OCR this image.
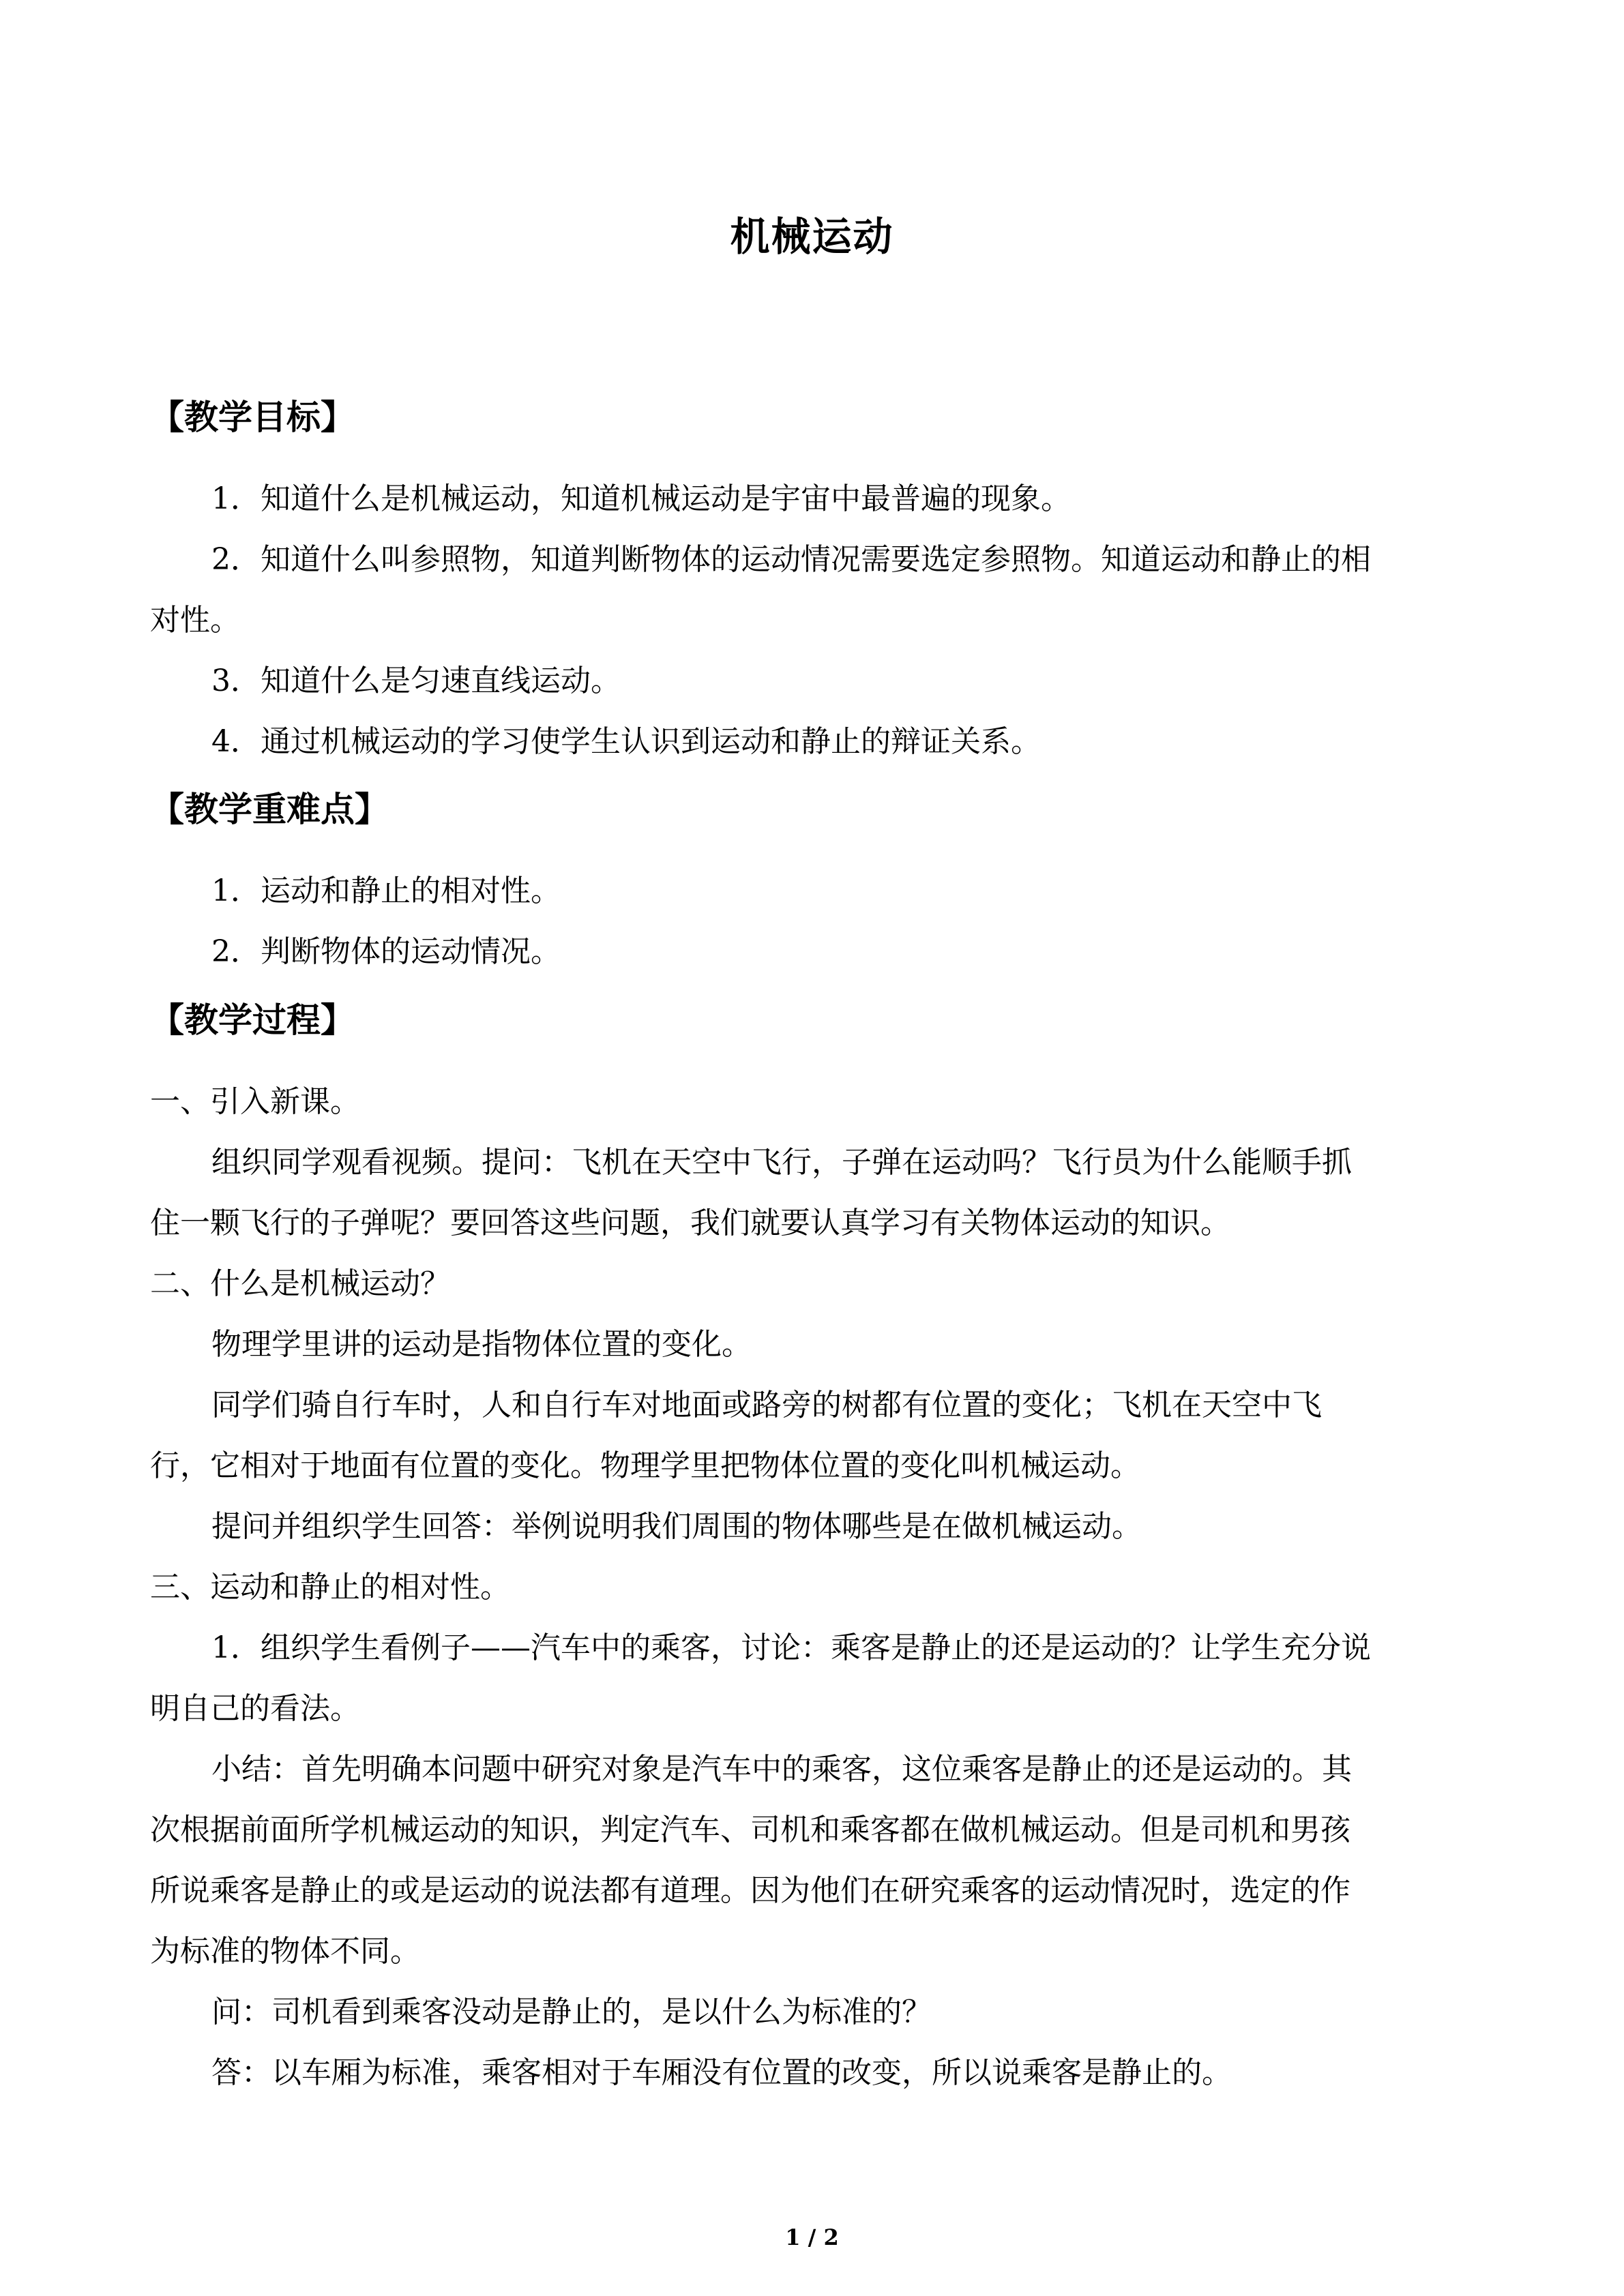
机械运动
【教学目标】
1．知道什么是机械运动，知道机械运动是宇宙中最普遍的现象。
2．知道什么叫参照物，知道判断物体的运动情况需要选定参照物。知道运动和静止的相
对性。
3．知道什么是匀速直线运动。
4．通过机械运动的学习使学生认识到运动和静止的辩证关系。
【教学重难点】
1．运动和静止的相对性。
2．判断物体的运动情况。
【教学过程】
一、引入新课。
组织同学观看视频。提问：飞机在天空中飞行，子弹在运动吗？飞行员为什么能顺手抓
住一颗飞行的子弹呢？要回答这些问题，我们就要认真学习有关物体运动的知识。
二、什么是机械运动？
物理学里讲的运动是指物体位置的变化。
同学们骑自行车时，人和自行车对地面或路旁的树都有位置的变化；飞机在天空中飞
行，它相对于地面有位置的变化。物理学里把物体位置的变化叫机械运动。
提问并组织学生回答：举例说明我们周围的物体哪些是在做机械运动。
三、运动和静止的相对性。
1．组织学生看例子——汽车中的乘客，讨论：乘客是静止的还是运动的？让学生充分说
明自己的看法。
小结：首先明确本问题中研究对象是汽车中的乘客，这位乘客是静止的还是运动的。其
次根据前面所学机械运动的知识，判定汽车、司机和乘客都在做机械运动。但是司机和男孩
所说乘客是静止的或是运动的说法都有道理。因为他们在研究乘客的运动情况时，选定的作
为标准的物体不同。
问：司机看到乘客没动是静止的，是以什么为标准的？
答：以车厢为标准，乘客相对于车厢没有位置的改变，所以说乘客是静止的。
1 / 2
